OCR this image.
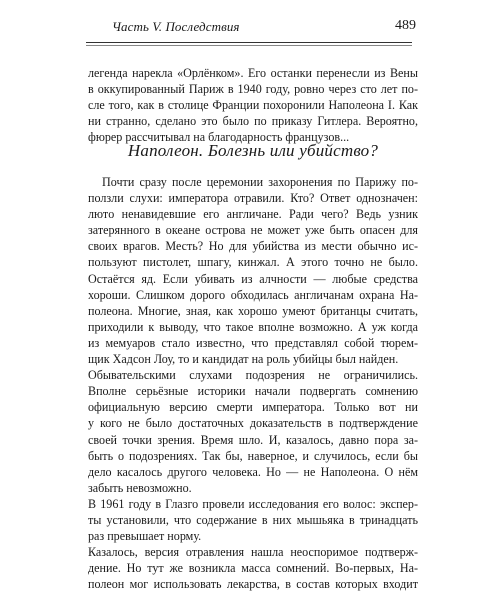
Часть V. Последствия	489
легенда нарекла «Орлёнком». Его останки перенесли из Вены
в оккупированный Париж в 1940 году, ровно через сто лет по-
сле того, как в столице Франции похоронили Наполеона I. Как
ни странно, сделано это было по приказу Гитлера. Вероятно,
фюрер рассчитывал на благодарность французов...
Наполеон. Болезнь или убийство?
Почти сразу после церемонии захоронения по Парижу по-
ползли слухи: императора отравили. Кто? Ответ однозначен:
лютo ненавидевшие его англичане. Ради чего? Ведь узник
затерянного в океане острова не может уже быть опасен для
своих врагов. Месть? Но для убийства из мести обычно ис-
пользуют пистолет, шпагу, кинжал. А этого точно не было.
Остаётся яд. Если убивать из алчности — любые средства
хороши. Слишком дорого обходилась англичанам охрана На-
полеона. Многие, зная, как хорошо умеют британцы считать,
приходили к выводу, что такое вполне возможно. А уж когда
из мемуаров стало известно, что представлял собой тюрем-
щик Хадсон Лоу, то и кандидат на роль убийцы был найден.
Обывательскими слухами подозрения не ограничились.
Вполне серьёзные историки начали подвергать сомнению
официальную версию смерти императора. Только вот ни
у кого не было достаточных доказательств в подтверждение
своей точки зрения. Время шло. И, казалось, давно пора за-
быть о подозрениях. Так бы, наверное, и случилось, если бы
дело касалось другого человека. Но — не Наполеона. О нём
забыть невозможно.
В 1961 году в Глазго провели исследования его волос: экспер-
ты установили, что содержание в них мышьяка в тринадцать
раз превышает норму.
Казалось, версия отравления нашла неоспоримое подтверж-
дение. Но тут же возникла масса сомнений. Во-первых, На-
полеон мог использовать лекарства, в состав которых входит
